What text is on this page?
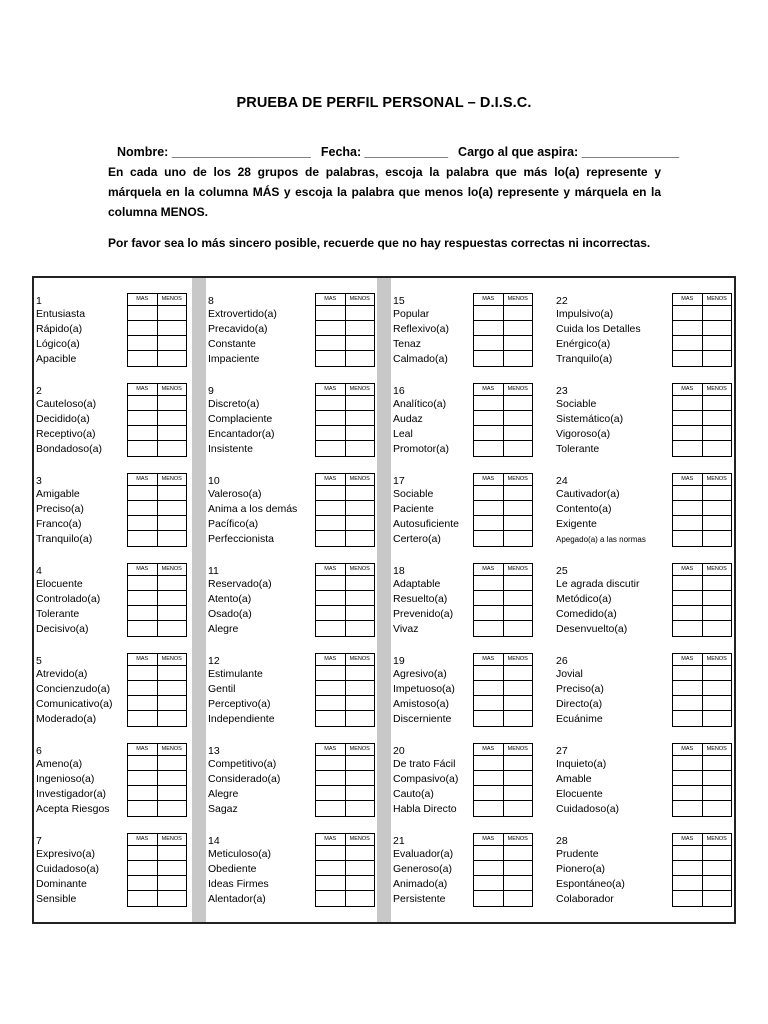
PRUEBA DE PERFIL PERSONAL – D.I.S.C.

Nombre: ____________________ Fecha: ____________ Cargo al que aspira: ______________

En cada uno de los 28 grupos de palabras, escoja la palabra que más lo(a) represente y márquela en la columna MÁS y escoja la palabra que menos lo(a) represente y márquela en la columna MENOS.
Por favor sea lo más sincero posible, recuerde que no hay respuestas correctas ni incorrectas.
1
Entusiasta
Rápido(a)
Lógico(a)
Apacible
MAS	MENOS
2
Cauteloso(a)
Decidido(a)
Receptivo(a)
Bondadoso(a)
MAS	MENOS
3
Amigable
Preciso(a)
Franco(a)
Tranquilo(a)
MAS	MENOS
4
Elocuente
Controlado(a)
Tolerante
Decisivo(a)
MAS	MENOS
5
Atrevido(a)
Concienzudo(a)
Comunicativo(a)
Moderado(a)
MAS	MENOS
6
Ameno(a)
Ingenioso(a)
Investigador(a)
Acepta Riesgos
MAS	MENOS
7
Expresivo(a)
Cuidadoso(a)
Dominante
Sensible
MAS	MENOS
8
Extrovertido(a)
Precavido(a)
Constante
Impaciente
MAS	MENOS
9
Discreto(a)
Complaciente
Encantador(a)
Insistente
MAS	MENOS
10
Valeroso(a)
Anima a los demás
Pacífico(a)
Perfeccionista
MAS	MENOS
11
Reservado(a)
Atento(a)
Osado(a)
Alegre
MAS	MENOS
12
Estimulante
Gentil
Perceptivo(a)
Independiente
MAS	MENOS
13
Competitivo(a)
Considerado(a)
Alegre
Sagaz
MAS	MENOS
14
Meticuloso(a)
Obediente
Ideas Firmes
Alentador(a)
MAS	MENOS
15
Popular
Reflexivo(a)
Tenaz
Calmado(a)
MAS	MENOS
16
Analítico(a)
Audaz
Leal
Promotor(a)
MAS	MENOS
17
Sociable
Paciente
Autosuficiente
Certero(a)
MAS	MENOS
18
Adaptable
Resuelto(a)
Prevenido(a)
Vivaz
MAS	MENOS
19
Agresivo(a)
Impetuoso(a)
Amistoso(a)
Discerniente
MAS	MENOS
20
De trato Fácil
Compasivo(a)
Cauto(a)
Habla Directo
MAS	MENOS
21
Evaluador(a)
Generoso(a)
Animado(a)
Persistente
MAS	MENOS
22
Impulsivo(a)
Cuida los Detalles
Enérgico(a)
Tranquilo(a)
MAS	MENOS
23
Sociable
Sistemático(a)
Vigoroso(a)
Tolerante
MAS	MENOS
24
Cautivador(a)
Contento(a)
Exigente
Apegado(a) a las normas
MAS	MENOS
25
Le agrada discutir
Metódico(a)
Comedido(a)
Desenvuelto(a)
MAS	MENOS
26
Jovial
Preciso(a)
Directo(a)
Ecuánime
MAS	MENOS
27
Inquieto(a)
Amable
Elocuente
Cuidadoso(a)
MAS	MENOS
28
Prudente
Pionero(a)
Espontáneo(a)
Colaborador
MAS	MENOS
